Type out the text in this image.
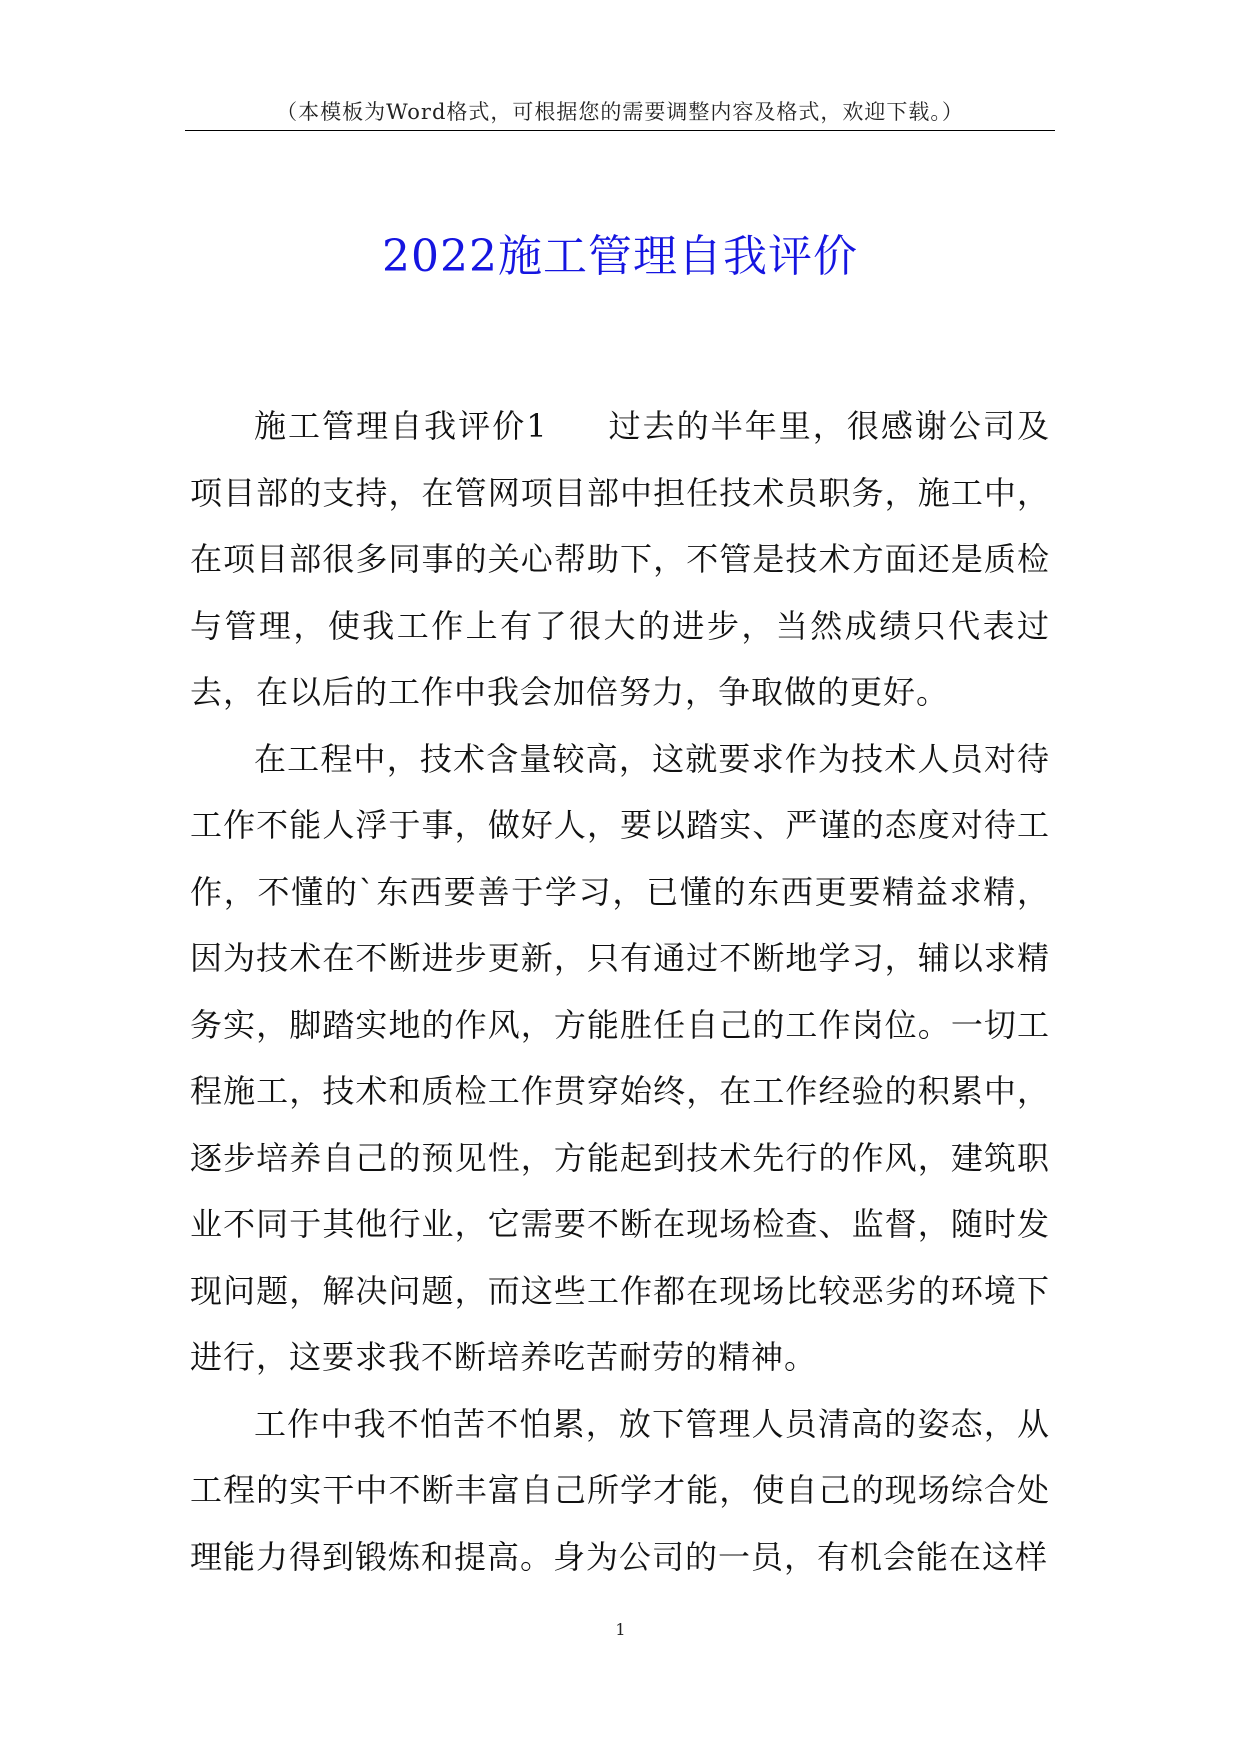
（本模板为Word格式，可根据您的需要调整内容及格式，欢迎下载。）
2022施工管理自我评价

施工管理自我评价1 过去的半年里，很感谢公司及项目部的支持，在管网项目部中担任技术员职务，施工中，在项目部很多同事的关心帮助下，不管是技术方面还是质检与管理，使我工作上有了很大的进步，当然成绩只代表过去，在以后的工作中我会加倍努力，争取做的更好。

在工程中，技术含量较高，这就要求作为技术人员对待工作不能人浮于事，做好人，要以踏实、严谨的态度对待工作，不懂的`东西要善于学习，已懂的东西更要精益求精，因为技术在不断进步更新，只有通过不断地学习，辅以求精务实，脚踏实地的作风，方能胜任自己的工作岗位。一切工程施工，技术和质检工作贯穿始终，在工作经验的积累中，逐步培养自己的预见性，方能起到技术先行的作风，建筑职业不同于其他行业，它需要不断在现场检查、监督，随时发现问题，解决问题，而这些工作都在现场比较恶劣的环境下进行，这要求我不断培养吃苦耐劳的精神。

工作中我不怕苦不怕累，放下管理人员清高的姿态，从工程的实干中不断丰富自己所学才能，使自己的现场综合处理能力得到锻炼和提高。身为公司的一员，有机会能在这样

1
